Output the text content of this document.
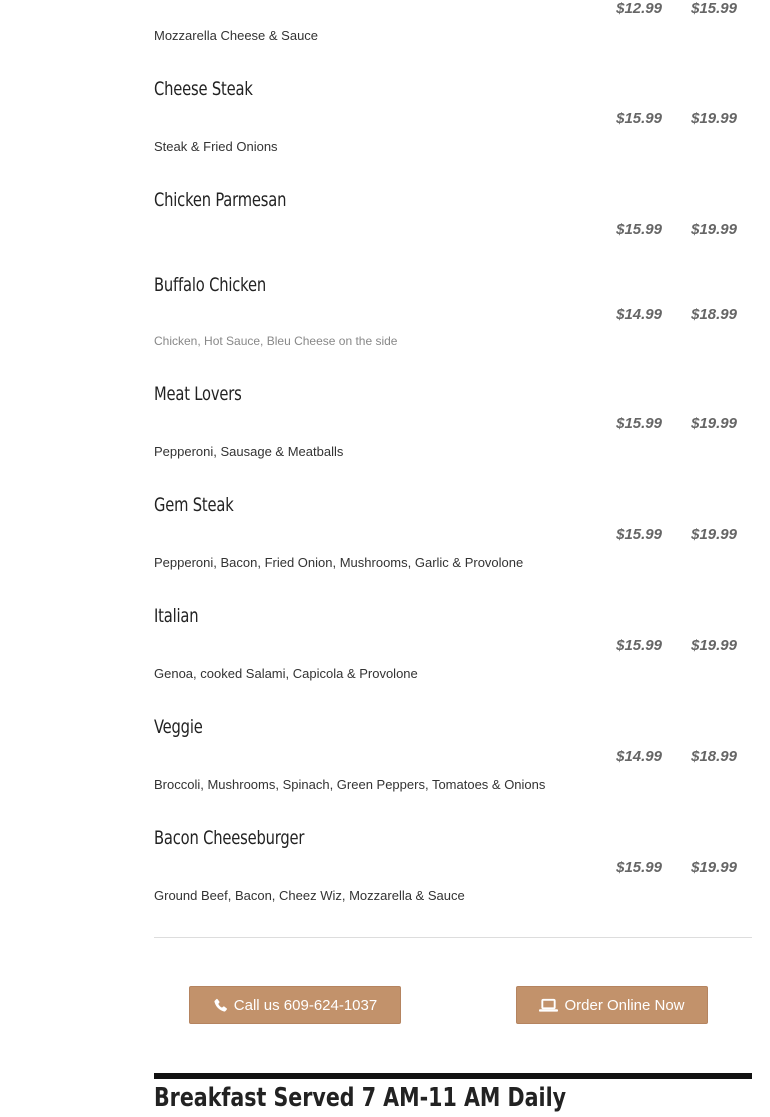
$12.99	$15.99
Mozzarella Cheese & Sauce
Cheese Steak
$15.99	$19.99
Steak & Fried Onions
Chicken Parmesan
$15.99	$19.99
Buffalo Chicken
$14.99	$18.99
Chicken, Hot Sauce, Bleu Cheese on the side
Meat Lovers
$15.99	$19.99
Pepperoni, Sausage & Meatballs
Gem Steak
$15.99	$19.99
Pepperoni, Bacon, Fried Onion, Mushrooms, Garlic & Provolone
Italian
$15.99	$19.99
Genoa, cooked Salami, Capicola & Provolone
Veggie
$14.99	$18.99
Broccoli, Mushrooms, Spinach, Green Peppers, Tomatoes & Onions
Bacon Cheeseburger
$15.99	$19.99
Ground Beef, Bacon, Cheez Wiz, Mozzarella & Sauce
Call us 609-624-1037	Order Online Now
Breakfast Served 7 AM-11 AM Daily
